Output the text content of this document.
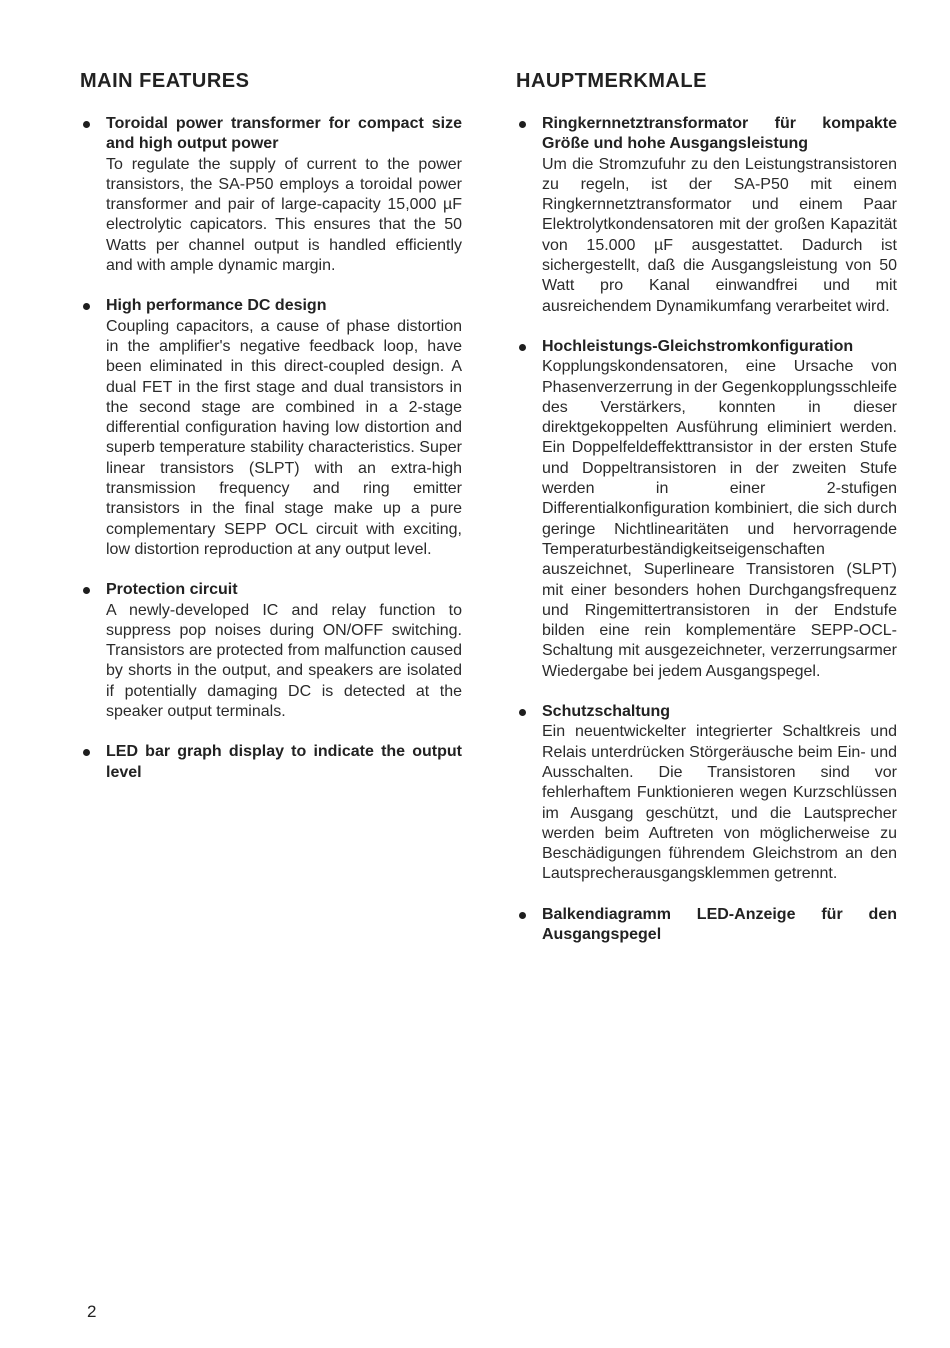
MAIN FEATURES
Toroidal power transformer for compact size and high output power
To regulate the supply of current to the power transistors, the SA-P50 employs a toroidal power transformer and pair of large-capacity 15,000 µF electrolytic capicators. This ensures that the 50 Watts per channel output is handled efficiently and with ample dynamic margin.
High performance DC design
Coupling capacitors, a cause of phase distortion in the amplifier's negative feedback loop, have been eliminated in this direct-coupled design. A dual FET in the first stage and dual transistors in the second stage are combined in a 2-stage differential configuration having low distortion and superb temperature stability characteristics. Super linear transistors (SLPT) with an extra-high transmission frequency and ring emitter transistors in the final stage make up a pure complementary SEPP OCL circuit with exciting, low distortion reproduction at any output level.
Protection circuit
A newly-developed IC and relay function to suppress pop noises during ON/OFF switching. Transistors are protected from malfunction caused by shorts in the output, and speakers are isolated if potentially damaging DC is detected at the speaker output terminals.
LED bar graph display to indicate the output level
HAUPTMERKMALE
Ringkernnetztransformator für kompakte Größe und hohe Ausgangsleistung
Um die Stromzufuhr zu den Leistungstransistoren zu regeln, ist der SA-P50 mit einem Ringkernnetztransformator und einem Paar Elektrolytkondensatoren mit der großen Kapazität von 15.000 µF ausgestattet. Dadurch ist sichergestellt, daß die Ausgangsleistung von 50 Watt pro Kanal einwandfrei und mit ausreichendem Dynamikumfang verarbeitet wird.
Hochleistungs-Gleichstromkonfiguration
Kopplungskondensatoren, eine Ursache von Phasenverzerrung in der Gegenkopplungsschleife des Verstärkers, konnten in dieser direktgekoppelten Ausführung eliminiert werden. Ein Doppelfeldeffekttransistor in der ersten Stufe und Doppeltransistoren in der zweiten Stufe werden in einer 2-stufigen Differentialkonfiguration kombiniert, die sich durch geringe Nichtlinearitäten und hervorragende Temperaturbeständigkeitseigenschaften auszeichnet, Superlineare Transistoren (SLPT) mit einer besonders hohen Durchgangsfrequenz und Ringemittertransistoren in der Endstufe bilden eine rein komplementäre SEPP-OCL-Schaltung mit ausgezeichneter, verzerrungsarmer Wiedergabe bei jedem Ausgangspegel.
Schutzschaltung
Ein neuentwickelter integrierter Schaltkreis und Relais unterdrücken Störgeräusche beim Ein- und Ausschalten. Die Transistoren sind vor fehlerhaftem Funktionieren wegen Kurzschlüssen im Ausgang geschützt, und die Lautsprecher werden beim Auftreten von möglicherweise zu Beschädigungen führendem Gleichstrom an den Lautsprecherausgangsklemmen getrennt.
Balkendiagramm LED-Anzeige für den Ausgangspegel
2
